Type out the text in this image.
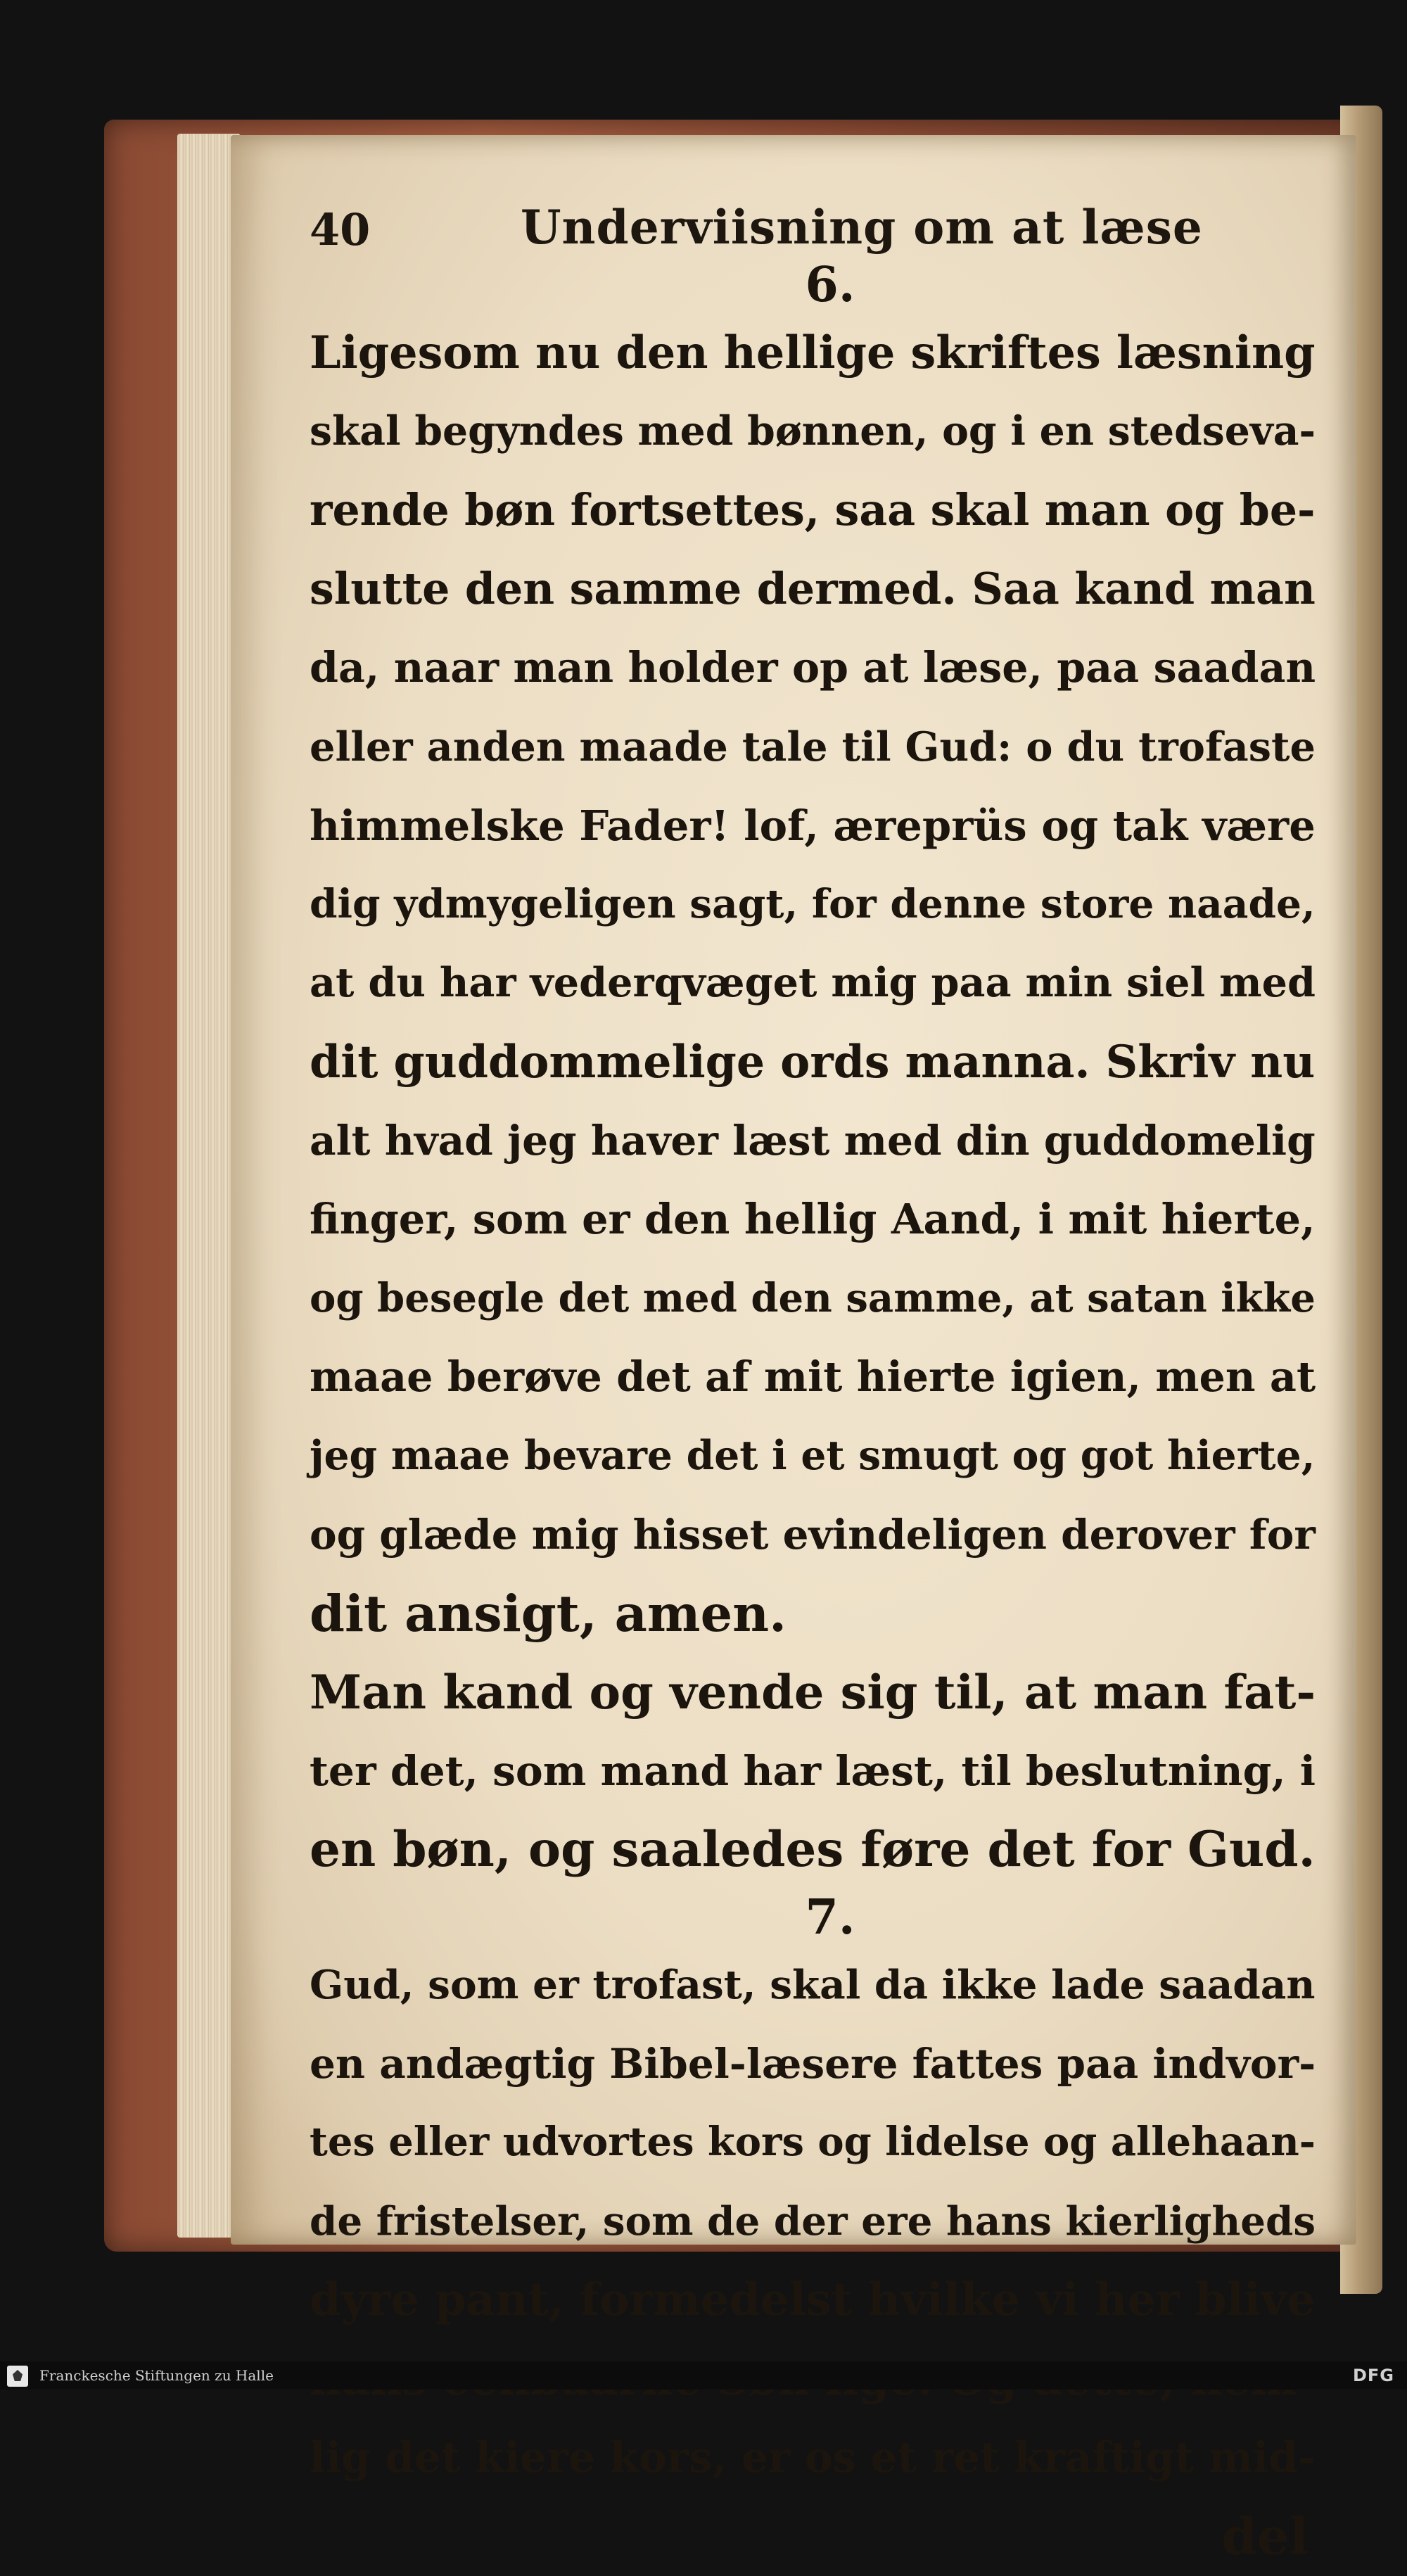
40	Underviisning om at læse
6.
Ligesom nu den hellige skriftes læsning
skal begyndes med bønnen, og i en stedseva-
rende bøn fortsettes, saa skal man og be-
slutte den samme dermed. Saa kand man
da, naar man holder op at læse, paa saadan
eller anden maade tale til Gud: o du trofaste
himmelske Fader! lof, æreprüs og tak være
dig ydmygeligen sagt, for denne store naade,
at du har vederqvæget mig paa min siel med
dit guddommelige ords manna. Skriv nu
alt hvad jeg haver læst med din guddomelig
finger, som er den hellig Aand, i mit hierte,
og besegle det med den samme, at satan ikke
maae berøve det af mit hierte igien, men at
jeg maae bevare det i et smugt og got hierte,
og glæde mig hisset evindeligen derover for
dit ansigt, amen.
Man kand og vende sig til, at man fat-
ter det, som mand har læst, til beslutning, i
en bøn, og saaledes føre det for Gud.
7.
Gud, som er trofast, skal da ikke lade saadan
en andægtig Bibel-læsere fattes paa indvor-
tes eller udvortes kors og lidelse og allehaan-
de fristelser, som de der ere hans kierligheds
dyre pant, formedelst hvilke vi her blive
lig det kiere kors, er os et ret kraftigt mid-
del
Franckesche Stiftungen zu Halle	DFG
